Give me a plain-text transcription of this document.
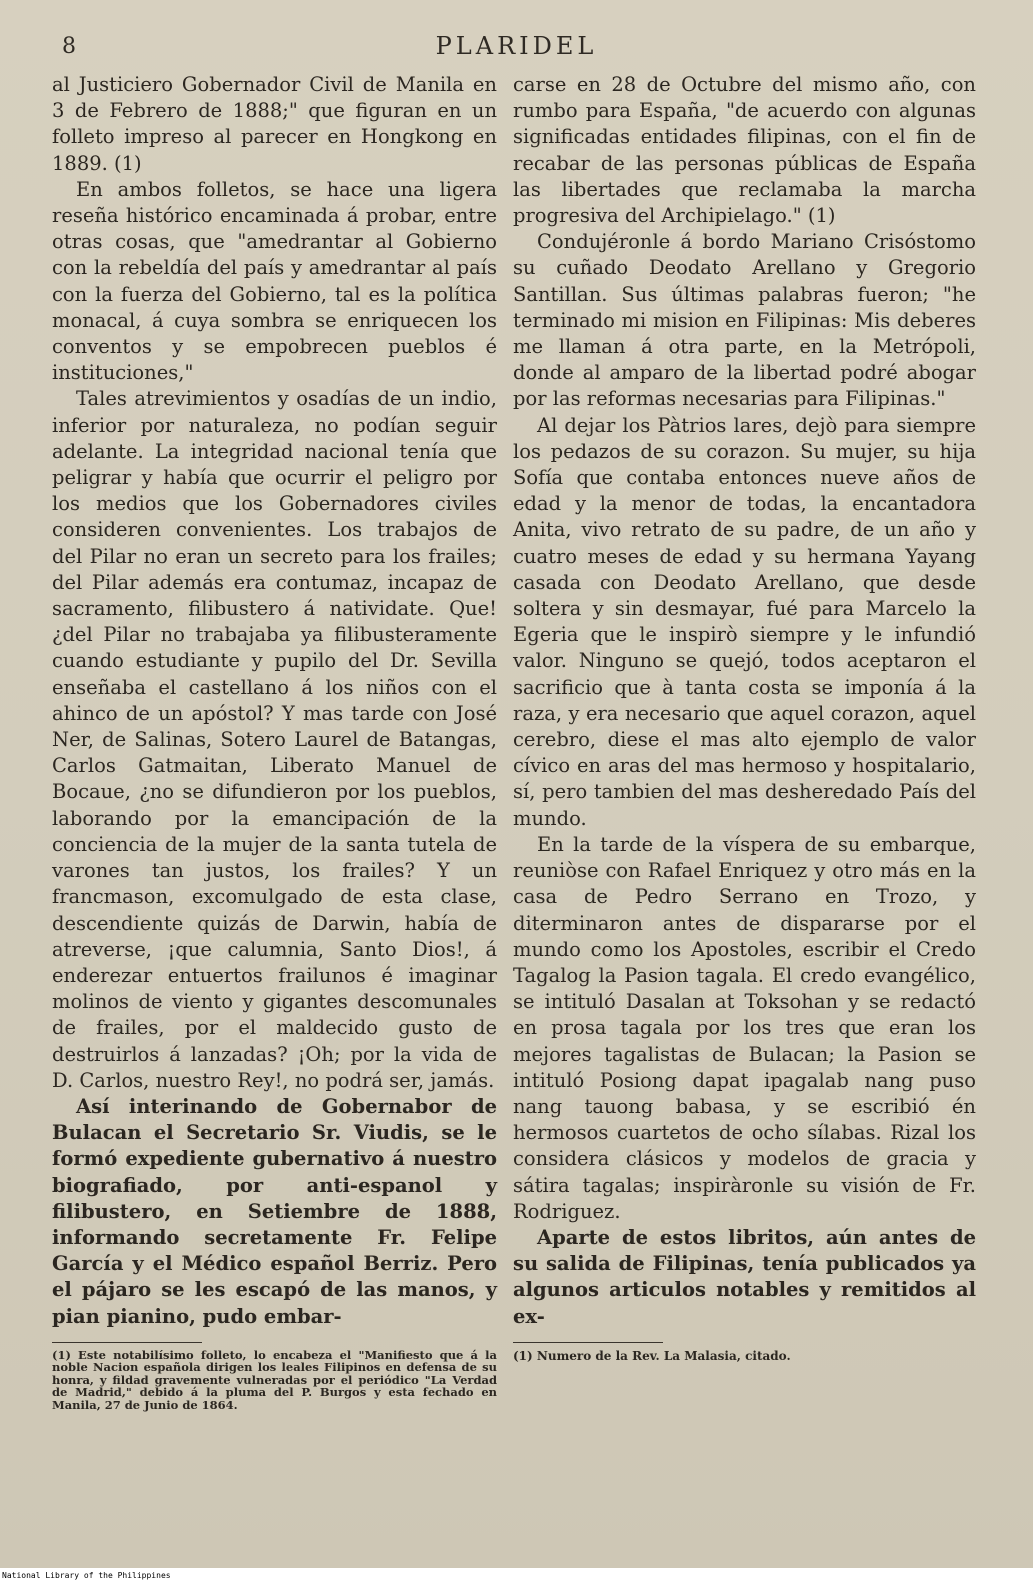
8	PLARIDEL

al Justiciero Gobernador Civil de Manila en 3 de Febrero de 1888;" que figuran en un folleto impreso al parecer en Hongkong en 1889. (1)

En ambos folletos, se hace una ligera reseña histórico encaminada á probar, entre otras cosas, que "amedrantar al Gobierno con la rebeldía del país y amedrantar al país con la fuerza del Gobierno, tal es la política monacal, á cuya sombra se enriquecen los conventos y se empobrecen pueblos é instituciones,"

Tales atrevimientos y osadías de un indio, inferior por naturaleza, no podían seguir adelante. La integridad nacional tenía que peligrar y había que ocurrir el peligro por los medios que los Gobernadores civiles consideren convenientes. Los trabajos de del Pilar no eran un secreto para los frailes; del Pilar además era contumaz, incapaz de sacramento, filibustero á natividate. Que! ¿del Pilar no trabajaba ya filibusteramente cuando estudiante y pupilo del Dr. Sevilla enseñaba el castellano á los niños con el ahinco de un apóstol? Y mas tarde con José Ner, de Salinas, Sotero Laurel de Batangas, Carlos Gatmaitan, Liberato Manuel de Bocaue, ¿no se difundieron por los pueblos, laborando por la emancipación de la conciencia de la mujer de la santa tutela de varones tan justos, los frailes? Y un francmason, excomulgado de esta clase, descendiente quizás de Darwin, había de atreverse, ¡que calumnia, Santo Dios!, á enderezar entuertos frailunos é imaginar molinos de viento y gigantes descomunales de frailes, por el maldecido gusto de destruirlos á lanzadas? ¡Oh; por la vida de D. Carlos, nuestro Rey!, no podrá ser, jamás.

Así interinando de Gobernabor de Bulacan el Secretario Sr. Viudis, se le formó expediente gubernativo á nuestro biografiado, por anti-espanol y filibustero, en Setiembre de 1888, informando secretamente Fr. Felipe García y el Médico español Berriz. Pero el pájaro se les escapó de las manos, y pian pianino, pudo embar-

(1) Este notabilísimo folleto, lo encabeza el "Manifiesto que á la noble Nacion española dirigen los leales Filipinos en defensa de su honra, y fildad gravemente vulneradas por el periódico "La Verdad de Madrid," debido á la pluma del P. Burgos y esta fechado en Manila, 27 de Junio de 1864.

carse en 28 de Octubre del mismo año, con rumbo para España, "de acuerdo con algunas significadas entidades filipinas, con el fin de recabar de las personas públicas de España las libertades que reclamaba la marcha progresiva del Archipielago." (1)

Condujéronle á bordo Mariano Crisóstomo su cuñado Deodato Arellano y Gregorio Santillan. Sus últimas palabras fueron; "he terminado mi mision en Filipinas: Mis deberes me llaman á otra parte, en la Metrópoli, donde al amparo de la libertad podré abogar por las reformas necesarias para Filipinas."

Al dejar los Pàtrios lares, dejò para siempre los pedazos de su corazon. Su mujer, su hija Sofía que contaba entonces nueve años de edad y la menor de todas, la encantadora Anita, vivo retrato de su padre, de un año y cuatro meses de edad y su hermana Yayang casada con Deodato Arellano, que desde soltera y sin desmayar, fué para Marcelo la Egeria que le inspirò siempre y le infundió valor. Ninguno se quejó, todos aceptaron el sacrificio que à tanta costa se imponía á la raza, y era necesario que aquel corazon, aquel cerebro, diese el mas alto ejemplo de valor cívico en aras del mas hermoso y hospitalario, sí, pero tambien del mas desheredado País del mundo.

En la tarde de la víspera de su embarque, reuniòse con Rafael Enriquez y otro más en la casa de Pedro Serrano en Trozo, y diterminaron antes de dispararse por el mundo como los Apostoles, escribir el Credo Tagalog la Pasion tagala. El credo evangélico, se intituló Dasalan at Toksohan y se redactó en prosa tagala por los tres que eran los mejores tagalistas de Bulacan; la Pasion se intituló Posiong dapat ipagalab nang puso nang tauong babasa, y se escribió én hermosos cuartetos de ocho sílabas. Rizal los considera clásicos y modelos de gracia y sátira tagalas; inspiràronle su visión de Fr. Rodriguez.

Aparte de estos libritos, aún antes de su salida de Filipinas, tenía publicados ya algunos articulos notables y remitidos al ex-

(1) Numero de la Rev. La Malasia, citado.
National Library of the Philippines
